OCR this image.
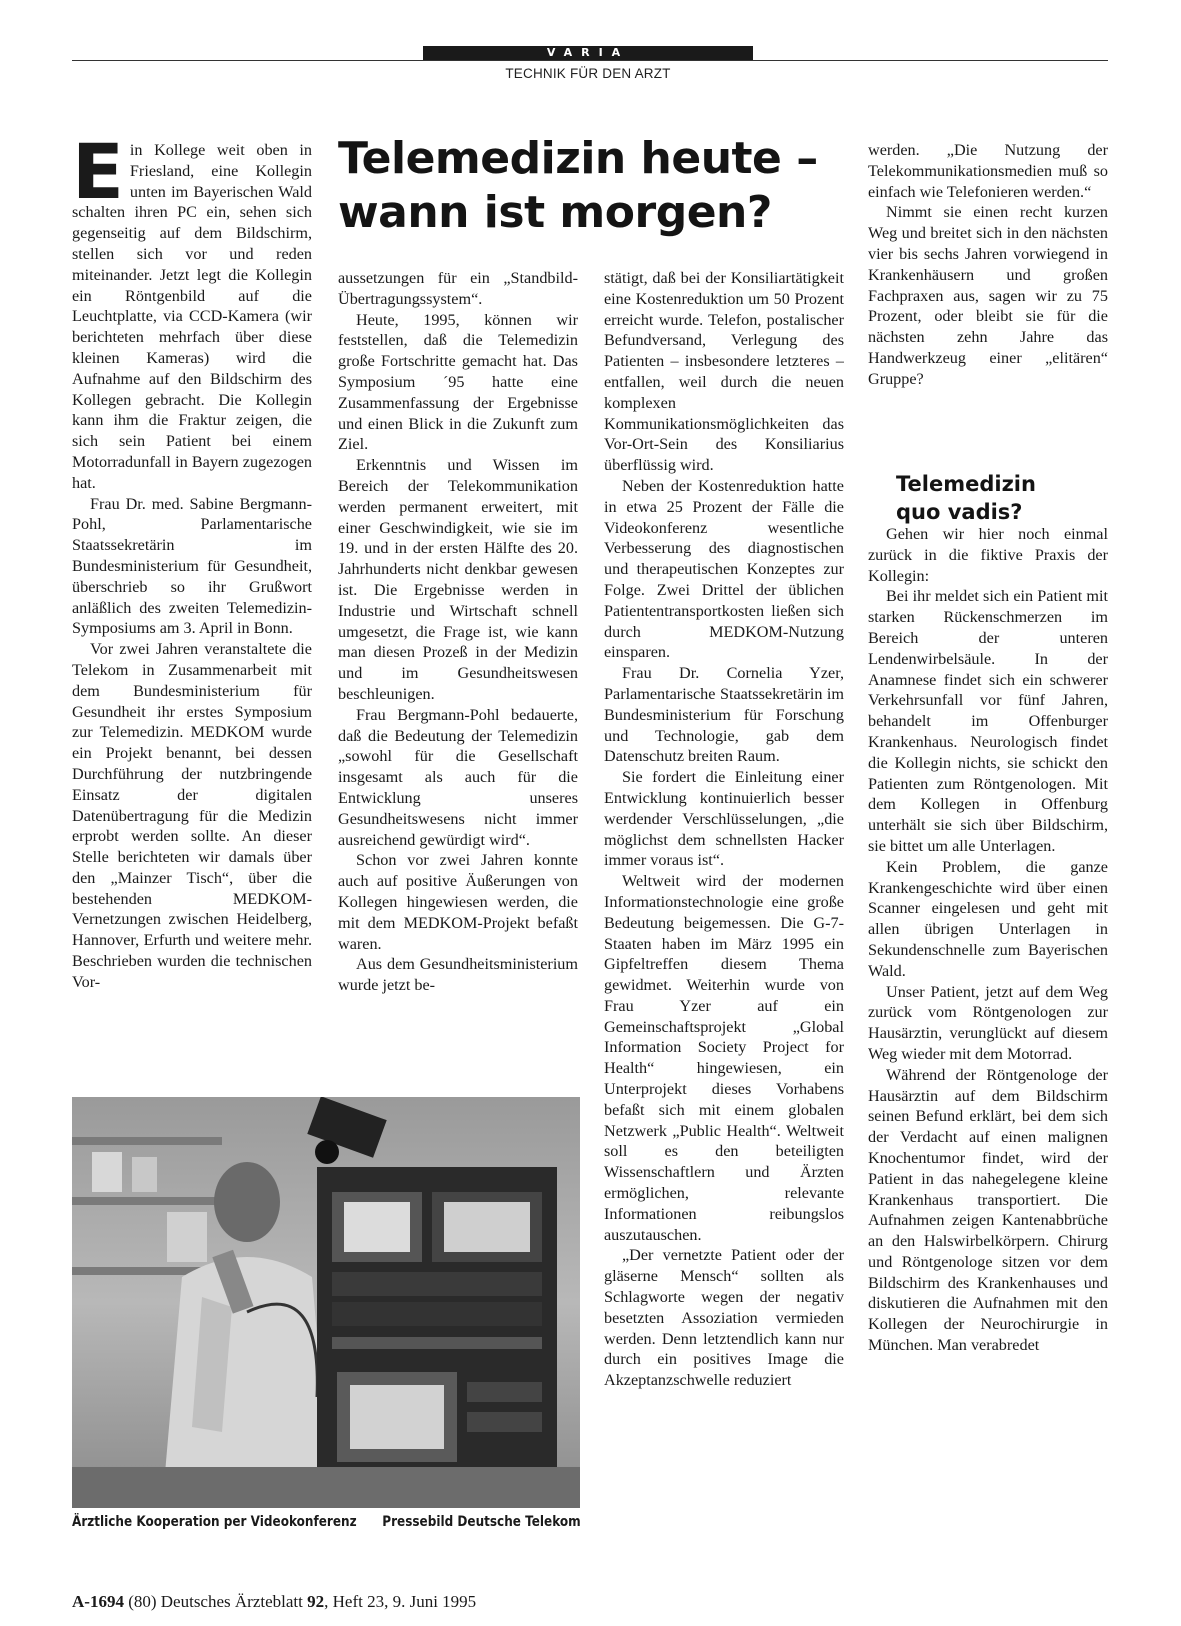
VARIA
TECHNIK FÜR DEN ARZT
Telemedizin heute –
wann ist morgen?

Ein Kollege weit oben in Friesland, eine Kollegin unten im Bayerischen Wald schalten ihren PC ein, sehen sich gegenseitig auf dem Bildschirm, stellen sich vor und reden miteinander. Jetzt legt die Kollegin ein Röntgenbild auf die Leuchtplatte, via CCD-Kamera (wir berichteten mehrfach über diese kleinen Kameras) wird die Aufnahme auf den Bildschirm des Kollegen gebracht. Die Kollegin kann ihm die Fraktur zeigen, die sich sein Patient bei einem Motorradunfall in Bayern zugezogen hat.

Frau Dr. med. Sabine Bergmann-Pohl, Parlamentarische Staatssekretärin im Bundesministerium für Gesundheit, überschrieb so ihr Grußwort anläßlich des zweiten Telemedizin-Symposiums am 3. April in Bonn.

Vor zwei Jahren veranstaltete die Telekom in Zusammenarbeit mit dem Bundesministerium für Gesundheit ihr erstes Symposium zur Telemedizin. MEDKOM wurde ein Projekt benannt, bei dessen Durchführung der nutzbringende Einsatz der digitalen Datenübertragung für die Medizin erprobt werden sollte. An dieser Stelle berichteten wir damals über den „Mainzer Tisch“, über die bestehenden MEDKOM-Vernetzungen zwischen Heidelberg, Hannover, Erfurth und weitere mehr. Beschrieben wurden die technischen Vor-

aussetzungen für ein „Standbild-Übertragungssystem“.

Heute, 1995, können wir feststellen, daß die Telemedizin große Fortschritte gemacht hat. Das Symposium ´95 hatte eine Zusammenfassung der Ergebnisse und einen Blick in die Zukunft zum Ziel.

Erkenntnis und Wissen im Bereich der Telekommunikation werden permanent erweitert, mit einer Geschwindigkeit, wie sie im 19. und in der ersten Hälfte des 20. Jahrhunderts nicht denkbar gewesen ist. Die Ergebnisse werden in Industrie und Wirtschaft schnell umgesetzt, die Frage ist, wie kann man diesen Prozeß in der Medizin und im Gesundheitswesen beschleunigen.

Frau Bergmann-Pohl bedauerte, daß die Bedeutung der Telemedizin „sowohl für die Gesellschaft insgesamt als auch für die Entwicklung unseres Gesundheitswesens nicht immer ausreichend gewürdigt wird“.

Schon vor zwei Jahren konnte auch auf positive Äußerungen von Kollegen hingewiesen werden, die mit dem MEDKOM-Projekt befaßt waren.

Aus dem Gesundheitsministerium wurde jetzt be-

stätigt, daß bei der Konsiliartätigkeit eine Kostenreduktion um 50 Prozent erreicht wurde. Telefon, postalischer Befundversand, Verlegung des Patienten – insbesondere letzteres – entfallen, weil durch die neuen komplexen Kommunikationsmöglichkeiten das Vor-Ort-Sein des Konsiliarius überflüssig wird.

Neben der Kostenreduktion hatte in etwa 25 Prozent der Fälle die Videokonferenz wesentliche Verbesserung des diagnostischen und therapeutischen Konzeptes zur Folge. Zwei Drittel der üblichen Patiententransportkosten ließen sich durch MEDKOM-Nutzung einsparen.

Frau Dr. Cornelia Yzer, Parlamentarische Staatssekretärin im Bundesministerium für Forschung und Technologie, gab dem Datenschutz breiten Raum.

Sie fordert die Einleitung einer Entwicklung kontinuierlich besser werdender Verschlüsselungen, „die möglichst dem schnellsten Hacker immer voraus ist“.

Weltweit wird der modernen Informationstechnologie eine große Bedeutung beigemessen. Die G-7-Staaten haben im März 1995 ein Gipfeltreffen diesem Thema gewidmet. Weiterhin wurde von Frau Yzer auf ein Gemeinschaftsprojekt „Global Information Society Project for Health“ hingewiesen, ein Unterprojekt dieses Vorhabens befaßt sich mit einem globalen Netzwerk „Public Health“. Weltweit soll es den beteiligten Wissenschaftlern und Ärzten ermöglichen, relevante Informationen reibungslos auszutauschen.

„Der vernetzte Patient oder der gläserne Mensch“ sollten als Schlagworte wegen der negativ besetzten Assoziation vermieden werden. Denn letztendlich kann nur durch ein positives Image die Akzeptanzschwelle reduziert

werden. „Die Nutzung der Telekommunikationsmedien muß so einfach wie Telefonieren werden.“

Nimmt sie einen recht kurzen Weg und breitet sich in den nächsten vier bis sechs Jahren vorwiegend in Krankenhäusern und großen Fachpraxen aus, sagen wir zu 75 Prozent, oder bleibt sie für die nächsten zehn Jahre das Handwerkzeug einer „elitären“ Gruppe?

Telemedizin
quo vadis?

Gehen wir hier noch einmal zurück in die fiktive Praxis der Kollegin:

Bei ihr meldet sich ein Patient mit starken Rückenschmerzen im Bereich der unteren Lendenwirbelsäule. In der Anamnese findet sich ein schwerer Verkehrsunfall vor fünf Jahren, behandelt im Offenburger Krankenhaus. Neurologisch findet die Kollegin nichts, sie schickt den Patienten zum Röntgenologen. Mit dem Kollegen in Offenburg unterhält sie sich über Bildschirm, sie bittet um alle Unterlagen.

Kein Problem, die ganze Krankengeschichte wird über einen Scanner eingelesen und geht mit allen übrigen Unterlagen in Sekundenschnelle zum Bayerischen Wald.

Unser Patient, jetzt auf dem Weg zurück vom Röntgenologen zur Hausärztin, verunglückt auf diesem Weg wieder mit dem Motorrad.

Während der Röntgenologe der Hausärztin auf dem Bildschirm seinen Befund erklärt, bei dem sich der Verdacht auf einen malignen Knochentumor findet, wird der Patient in das nahegelegene kleine Krankenhaus transportiert. Die Aufnahmen zeigen Kantenabbrüche an den Halswirbelkörpern. Chirurg und Röntgenologe sitzen vor dem Bildschirm des Krankenhauses und diskutieren die Aufnahmen mit den Kollegen der Neurochirurgie in München. Man verabredet

Ärztliche Kooperation per Videokonferenz Pressebild Deutsche Telekom
A-1694 (80) Deutsches Ärzteblatt 92, Heft 23, 9. Juni 1995
